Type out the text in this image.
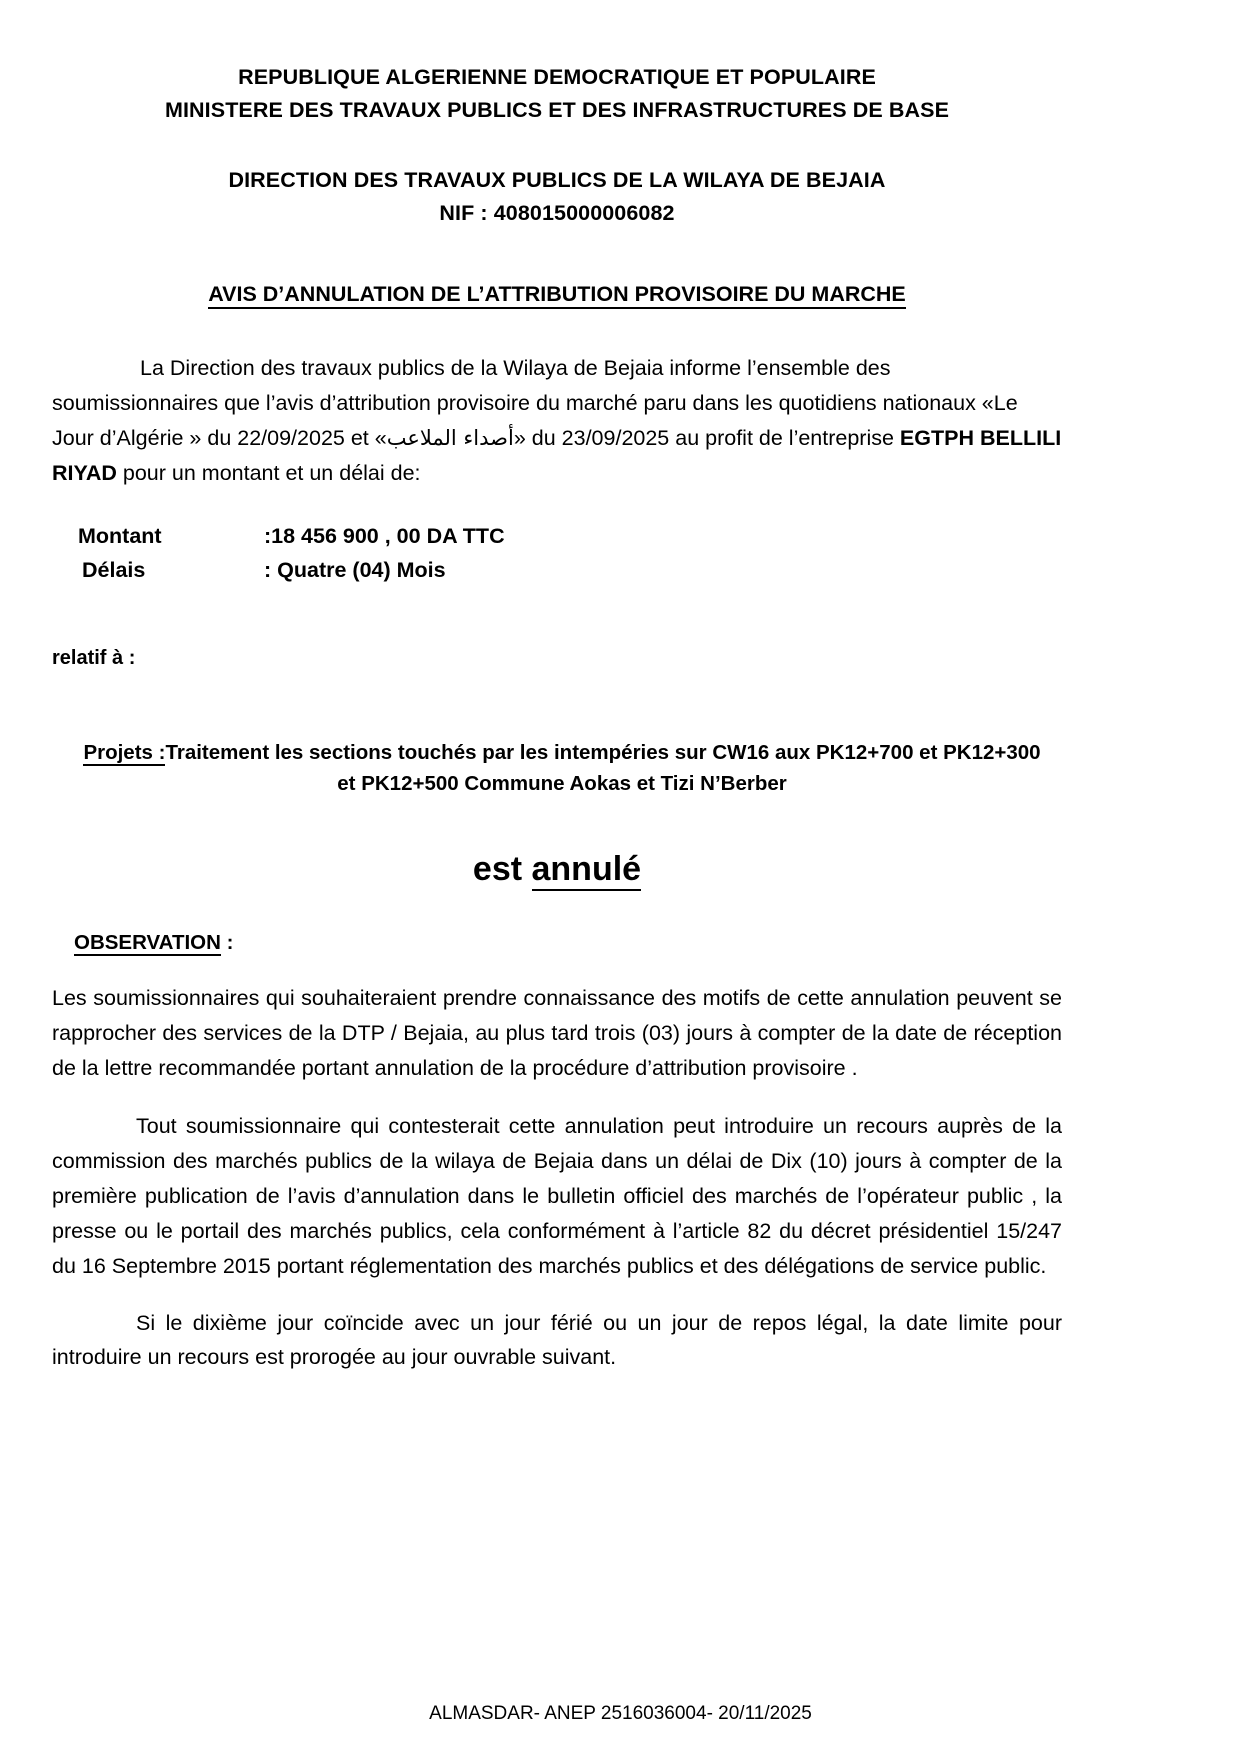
REPUBLIQUE ALGERIENNE DEMOCRATIQUE ET POPULAIRE
MINISTERE DES TRAVAUX PUBLICS ET DES INFRASTRUCTURES DE BASE
DIRECTION DES TRAVAUX PUBLICS DE LA WILAYA DE BEJAIA
NIF : 408015000006082
AVIS D’ANNULATION DE L’ATTRIBUTION PROVISOIRE DU MARCHE
La Direction des travaux publics de la Wilaya de Bejaia informe l’ensemble des soumissionnaires que l’avis d’attribution provisoire du marché paru dans les quotidiens nationaux «Le Jour d’Algérie » du 22/09/2025 et «أصداء الملاعب» du 23/09/2025 au profit de l’entreprise EGTPH BELLILI RIYAD pour un montant et un délai de:
Montant	:18 456 900 , 00 DA TTC
Délais	: Quatre (04) Mois
relatif à :
Projets :Traitement les sections touchés par les intempéries sur CW16 aux PK12+700 et PK12+300 et PK12+500 Commune Aokas et Tizi N’Berber
est annulé
OBSERVATION :
Les soumissionnaires qui souhaiteraient prendre connaissance des motifs de cette annulation peuvent se rapprocher des services de la DTP / Bejaia, au plus tard trois (03) jours à compter de la date de réception de la lettre recommandée portant annulation de la procédure d’attribution provisoire .
Tout soumissionnaire qui contesterait cette annulation peut introduire un recours auprès de la commission des marchés publics de la wilaya de Bejaia dans un délai de Dix (10) jours à compter de la première publication de l’avis d’annulation dans le bulletin officiel des marchés de l’opérateur public , la presse ou le portail des marchés publics, cela conformément à l’article 82 du décret présidentiel 15/247 du 16 Septembre 2015 portant réglementation des marchés publics et des délégations de service public.
Si le dixième jour coïncide avec un jour férié ou un jour de repos légal, la date limite pour introduire un recours est prorogée au jour ouvrable suivant.
ALMASDAR- ANEP 2516036004- 20/11/2025
